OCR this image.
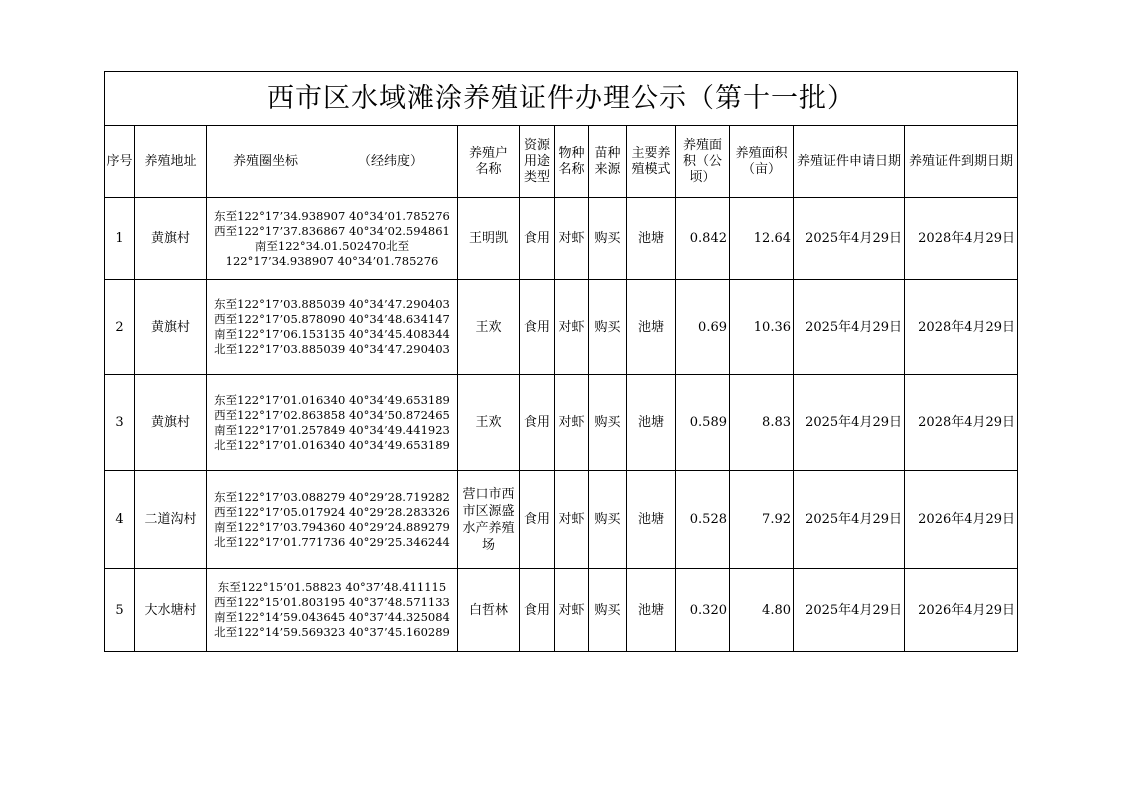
西市区水域滩涂养殖证件办理公示（第十一批）											
序号	养殖地址	养殖圈坐标 （经纬度）	养殖户名称	资源用途类型	物种名称	苗种来源	主要养殖模式	养殖面积（公顷）	养殖面积（亩）	养殖证件申请日期	养殖证件到期日期
1	黄旗村	东至122°17’34.938907 40°34’01.785276
西至122°17’37.836867 40°34’02.594861
南至122°34.01.502470北至
122°17’34.938907 40°34’01.785276	王明凯	食用	对虾	购买	池塘	0.842	12.64	2025年4月29日	2028年4月29日
2	黄旗村	东至122°17’03.885039 40°34’47.290403
西至122°17’05.878090 40°34’48.634147
南至122°17’06.153135 40°34’45.408344
北至122°17’03.885039 40°34’47.290403	王欢	食用	对虾	购买	池塘	0.69	10.36	2025年4月29日	2028年4月29日
3	黄旗村	东至122°17’01.016340 40°34’49.653189
西至122°17’02.863858 40°34’50.872465
南至122°17’01.257849 40°34’49.441923
北至122°17’01.016340 40°34’49.653189	王欢	食用	对虾	购买	池塘	0.589	8.83	2025年4月29日	2028年4月29日
4	二道沟村	东至122°17’03.088279 40°29’28.719282
西至122°17’05.017924 40°29’28.283326
南至122°17’03.794360 40°29’24.889279
北至122°17’01.771736 40°29’25.346244	营口市西市区源盛水产养殖场	食用	对虾	购买	池塘	0.528	7.92	2025年4月29日	2026年4月29日
5	大水塘村	东至122°15’01.58823 40°37’48.411115
西至122°15’01.803195 40°37’48.571133
南至122°14’59.043645 40°37’44.325084
北至122°14’59.569323 40°37’45.160289	白哲林	食用	对虾	购买	池塘	0.320	4.80	2025年4月29日	2026年4月29日
